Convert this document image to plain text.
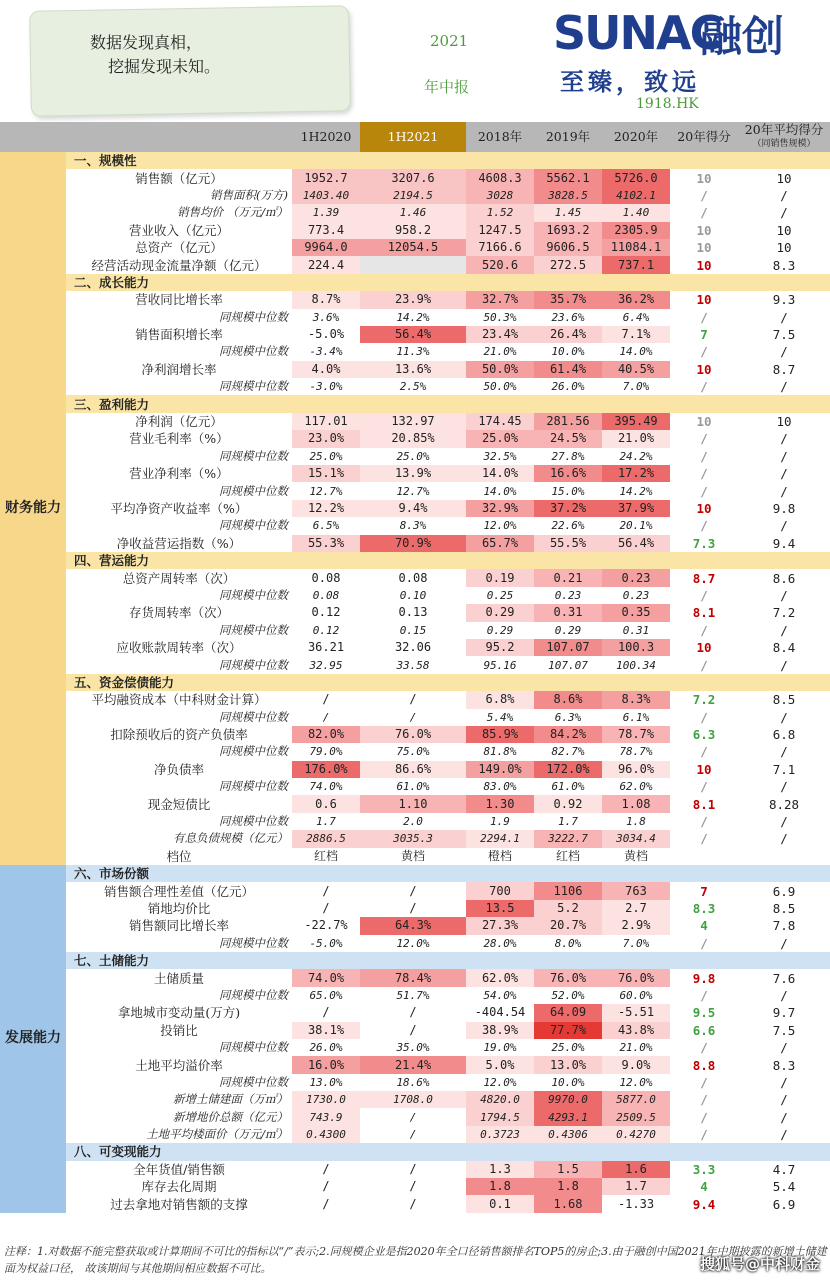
数据发现真相，
挖掘发现未知。
2021
年中报
SUNAC
融创
至臻，致远
1918.HK
		1H2020	1H2021	2018年	2019年	2020年	20年得分	20年平均得分
（同销售规模）

财务能力	一、规模性							
	销售额（亿元）	1952.7	3207.6	4608.3	5562.1	5726.0	10	10
	销售面积(万方)	1403.40	2194.5	3028	3828.5	4102.1	/	/
	销售均价 （万元/㎡）	1.39	1.46	1.52	1.45	1.40	/	/
	营业收入（亿元）	773.4	958.2	1247.5	1693.2	2305.9	10	10
	总资产（亿元）	9964.0	12054.5	7166.6	9606.5	11084.1	10	10
	经营活动现金流量净额（亿元）	224.4		520.6	272.5	737.1	10	8.3
	二、成长能力							
	营收同比增长率	8.7%	23.9%	32.7%	35.7%	36.2%	10	9.3
	同规模中位数	3.6%	14.2%	50.3%	23.6%	6.4%	/	/
	销售面积增长率	-5.0%	56.4%	23.4%	26.4%	7.1%	7	7.5
	同规模中位数	-3.4%	11.3%	21.0%	10.0%	14.0%	/	/
	净利润增长率	4.0%	13.6%	50.0%	61.4%	40.5%	10	8.7
	同规模中位数	-3.0%	2.5%	50.0%	26.0%	7.0%	/	/
	三、盈利能力							
	净利润（亿元）	117.01	132.97	174.45	281.56	395.49	10	10
	营业毛利率（%）	23.0%	20.85%	25.0%	24.5%	21.0%	/	/
	同规模中位数	25.0%	25.0%	32.5%	27.8%	24.2%	/	/
	营业净利率（%）	15.1%	13.9%	14.0%	16.6%	17.2%	/	/
	同规模中位数	12.7%	12.7%	14.0%	15.0%	14.2%	/	/
	平均净资产收益率（%）	12.2%	9.4%	32.9%	37.2%	37.9%	10	9.8
	同规模中位数	6.5%	8.3%	12.0%	22.6%	20.1%	/	/
	净收益营运指数（%）	55.3%	70.9%	65.7%	55.5%	56.4%	7.3	9.4
	四、营运能力							
	总资产周转率（次）	0.08	0.08	0.19	0.21	0.23	8.7	8.6
	同规模中位数	0.08	0.10	0.25	0.23	0.23	/	/
	存货周转率（次）	0.12	0.13	0.29	0.31	0.35	8.1	7.2
	同规模中位数	0.12	0.15	0.29	0.29	0.31	/	/
	应收账款周转率（次）	36.21	32.06	95.2	107.07	100.3	10	8.4
	同规模中位数	32.95	33.58	95.16	107.07	100.34	/	/
	五、资金偿债能力							
	平均融资成本（中科财金计算）	/	/	6.8%	8.6%	8.3%	7.2	8.5
	同规模中位数	/	/	5.4%	6.3%	6.1%	/	/
	扣除预收后的资产负债率	82.0%	76.0%	85.9%	84.2%	78.7%	6.3	6.8
	同规模中位数	79.0%	75.0%	81.8%	82.7%	78.7%	/	/
	净负债率	176.0%	86.6%	149.0%	172.0%	96.0%	10	7.1
	同规模中位数	74.0%	61.0%	83.0%	61.0%	62.0%	/	/
	现金短债比	0.6	1.10	1.30	0.92	1.08	8.1	8.28
	同规模中位数	1.7	2.0	1.9	1.7	1.8	/	/
	有息负债规模（亿元）	2886.5	3035.3	2294.1	3222.7	3034.4	/	/
	档位	红档	黄档	橙档	红档	黄档		
发展能力	六、市场份额							
	销售额合理性差值（亿元）	/	/	700	1106	763	7	6.9
	销地均价比	/	/	13.5	5.2	2.7	8.3	8.5
	销售额同比增长率	-22.7%	64.3%	27.3%	20.7%	2.9%	4	7.8
	同规模中位数	-5.0%	12.0%	28.0%	8.0%	7.0%	/	/
	七、土储能力							
	土储质量	74.0%	78.4%	62.0%	76.0%	76.0%	9.8	7.6
	同规模中位数	65.0%	51.7%	54.0%	52.0%	60.0%	/	/
	拿地城市变动量(万方)	/	/	-404.54	64.09	-5.51	9.5	9.7
	投销比	38.1%	/	38.9%	77.7%	43.8%	6.6	7.5
	同规模中位数	26.0%	35.0%	19.0%	25.0%	21.0%	/	/
	土地平均溢价率	16.0%	21.4%	5.0%	13.0%	9.0%	8.8	8.3
	同规模中位数	13.0%	18.6%	12.0%	10.0%	12.0%	/	/
	新增土储建面（万㎡）	1730.0	1708.0	4820.0	9970.0	5877.0	/	/
	新增地价总额（亿元）	743.9	/	1794.5	4293.1	2509.5	/	/
	土地平均楼面价（万元/㎡）	0.4300	/	0.3723	0.4306	0.4270	/	/
	八、可变现能力							
	全年货值/销售额	/	/	1.3	1.5	1.6	3.3	4.7
	库存去化周期	/	/	1.8	1.8	1.7	4	5.4
	过去拿地对销售额的支撑	/	/	0.1	1.68	-1.33	9.4	6.9
注释：1.对数据不能完整获取或计算期间不可比的指标以“/”表示;2.同规模企业是指2020年全口径销售额排名TOP5的房企;3.由于融创中国2021年中期披露的新增土储建面为权益口径， 故该期间与其他期间相应数据不可比。	搜狐号@中科财金
